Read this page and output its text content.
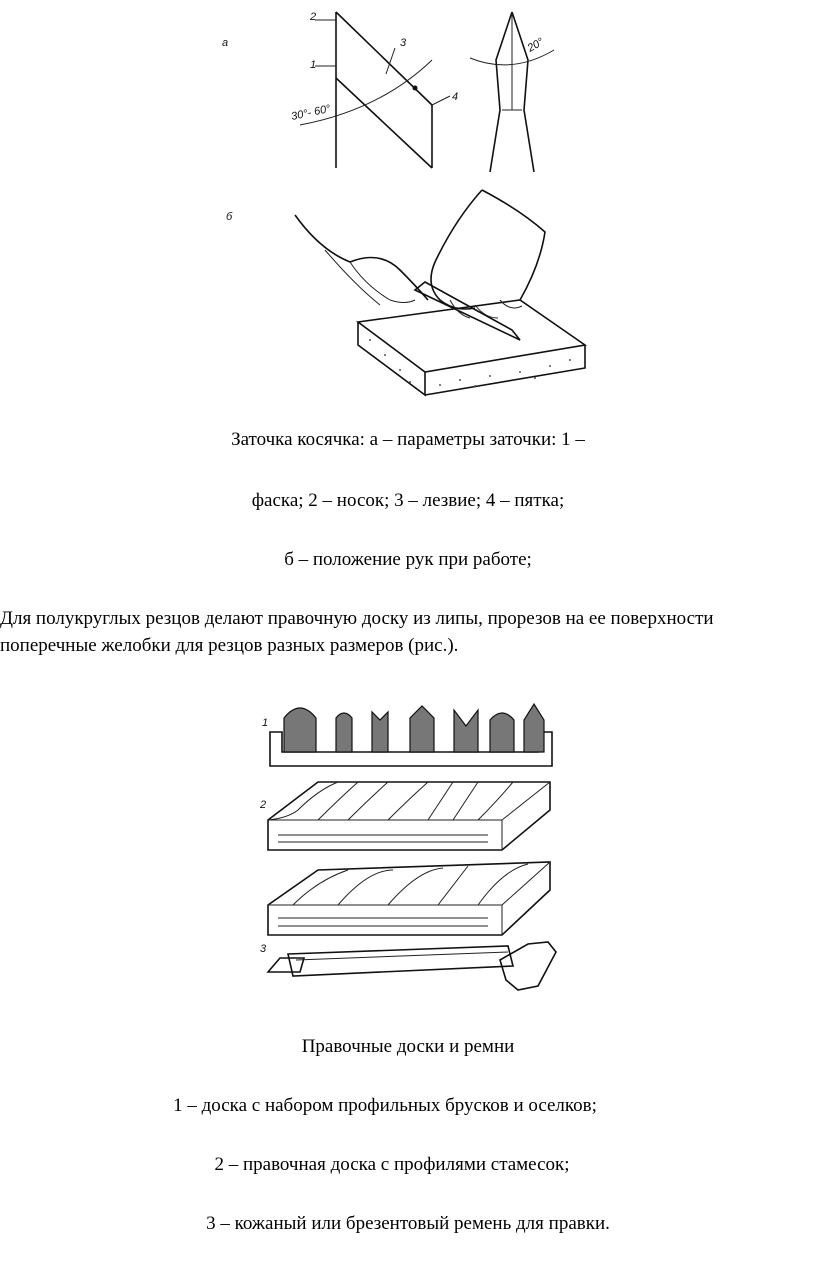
а
2
1
3
4
30°- 60°
20°
б
Заточка косячка: а – параметры заточки: 1 –
фаска; 2 – носок; 3 – лезвие; 4 – пятка;
б – положение рук при работе;
Для полукруглых резцов делают правочную доску из липы, прорезов на ее поверхности
поперечные желобки для резцов разных размеров (рис.).
1
2
3
Правочные доски и ремни
1 – доска с набором профильных брусков и оселков;
2 – правочная доска с профилями стамесок;
3 – кожаный или брезентовый ремень для правки.
